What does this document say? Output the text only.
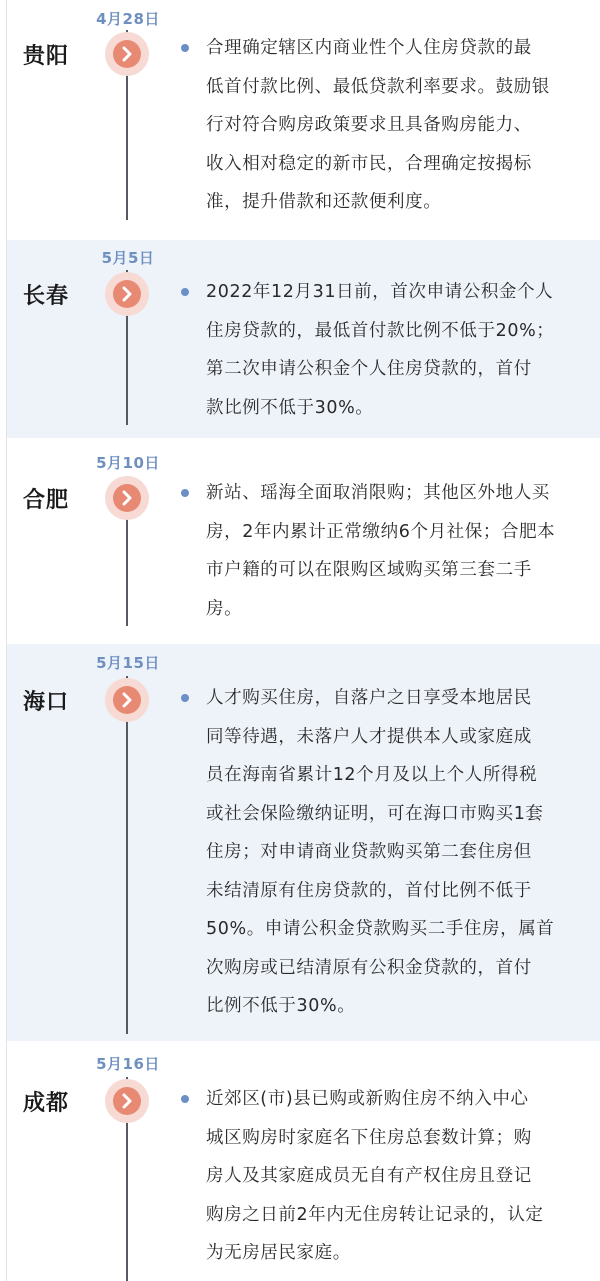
4月28日
贵阳	合理确定辖区内商业性个人住房贷款的最
低首付款比例、最低贷款利率要求。鼓励银
行对符合购房政策要求且具备购房能力、
收入相对稳定的新市民，合理确定按揭标
准，提升借款和还款便利度。
5月5日
长春	2022年12月31日前，首次申请公积金个人
住房贷款的，最低首付款比例不低于20%；
第二次申请公积金个人住房贷款的，首付
款比例不低于30%。
5月10日
合肥	新站、瑶海全面取消限购；其他区外地人买
房，2年内累计正常缴纳6个月社保；合肥本
市户籍的可以在限购区域购买第三套二手
房。
5月15日
海口	人才购买住房，自落户之日享受本地居民
同等待遇，未落户人才提供本人或家庭成
员在海南省累计12个月及以上个人所得税
或社会保险缴纳证明，可在海口市购买1套
住房；对申请商业贷款购买第二套住房但
未结清原有住房贷款的，首付比例不低于
50%。申请公积金贷款购买二手住房，属首
次购房或已结清原有公积金贷款的，首付
比例不低于30%。
5月16日
成都	近郊区(市)县已购或新购住房不纳入中心
城区购房时家庭名下住房总套数计算；购
房人及其家庭成员无自有产权住房且登记
购房之日前2年内无住房转让记录的，认定
为无房居民家庭。
